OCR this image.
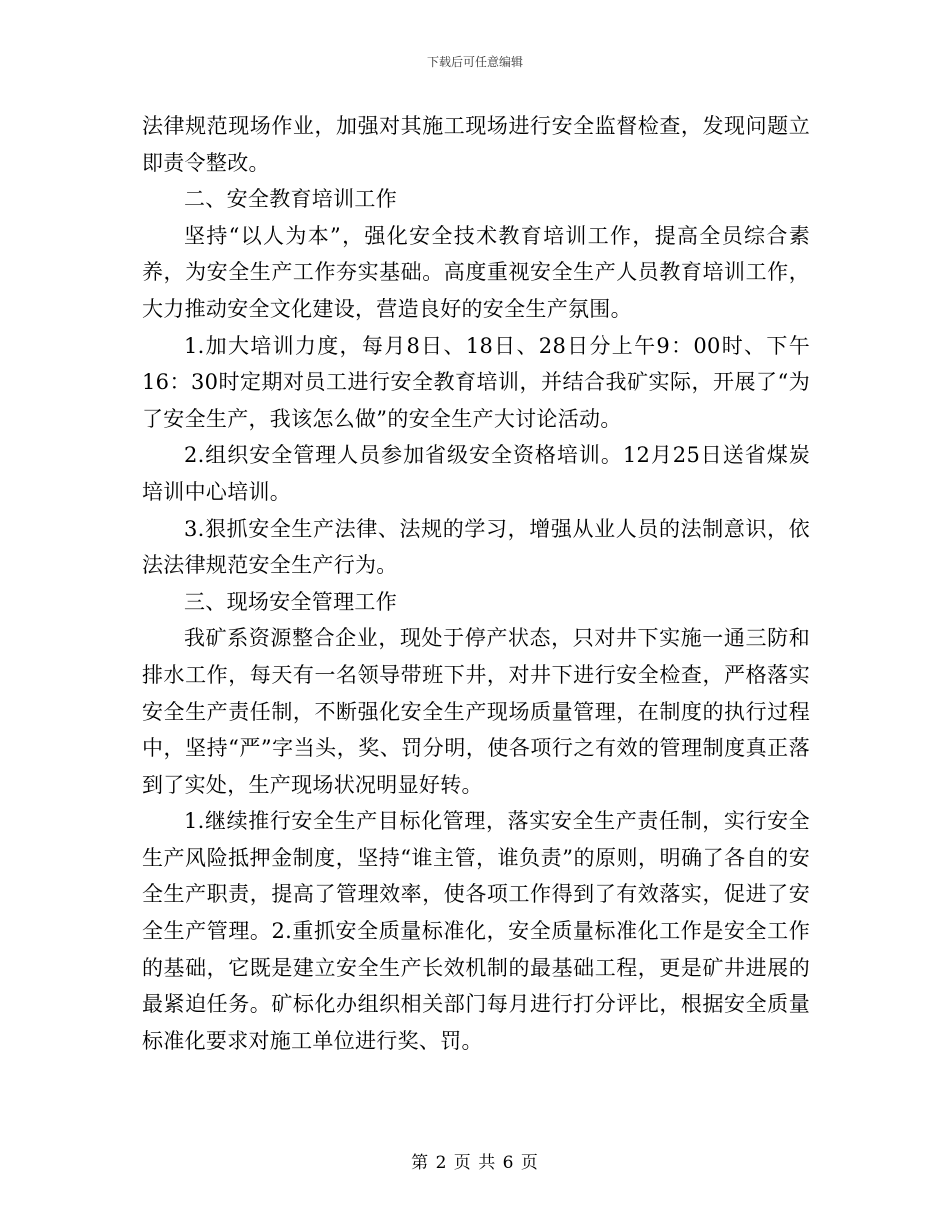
下载后可任意编辑

法律规范现场作业，加强对其施工现场进行安全监督检查，发现问题立即责令整改。

二、安全教育培训工作

坚持“以人为本”，强化安全技术教育培训工作，提高全员综合素养，为安全生产工作夯实基础。高度重视安全生产人员教育培训工作，大力推动安全文化建设，营造良好的安全生产氛围。

1.加大培训力度，每月8日、18日、28日分上午9：00时、下午16：30时定期对员工进行安全教育培训，并结合我矿实际，开展了“为了安全生产，我该怎么做”的安全生产大讨论活动。

2.组织安全管理人员参加省级安全资格培训。12月25日送省煤炭培训中心培训。

3.狠抓安全生产法律、法规的学习，增强从业人员的法制意识，依法法律规范安全生产行为。

三、现场安全管理工作

我矿系资源整合企业，现处于停产状态，只对井下实施一通三防和排水工作，每天有一名领导带班下井，对井下进行安全检查，严格落实安全生产责任制，不断强化安全生产现场质量管理，在制度的执行过程中，坚持“严”字当头，奖、罚分明，使各项行之有效的管理制度真正落到了实处，生产现场状况明显好转。

1.继续推行安全生产目标化管理，落实安全生产责任制，实行安全生产风险抵押金制度，坚持“谁主管，谁负责”的原则，明确了各自的安全生产职责，提高了管理效率，使各项工作得到了有效落实，促进了安全生产管理。2.重抓安全质量标准化，安全质量标准化工作是安全工作的基础，它既是建立安全生产长效机制的最基础工程，更是矿井进展的最紧迫任务。矿标化办组织相关部门每月进行打分评比，根据安全质量标准化要求对施工单位进行奖、罚。

第 2 页 共 6 页
